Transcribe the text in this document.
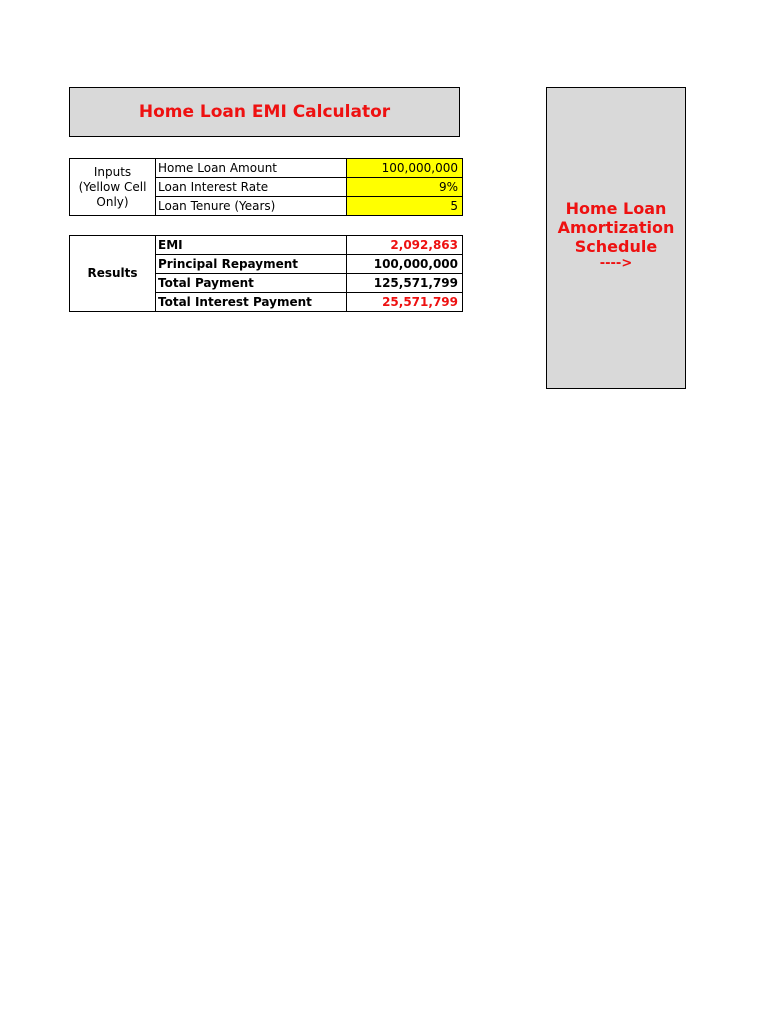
Home Loan EMI Calculator
Inputs (Yellow Cell Only)	Home Loan Amount	100,000,000
	Loan Interest Rate	9%
	Loan Tenure (Years)	5
Results	EMI	2,092,863
	Principal Repayment	100,000,000
	Total Payment	125,571,799
	Total Interest Payment	25,571,799
Home Loan Amortization Schedule
---->
